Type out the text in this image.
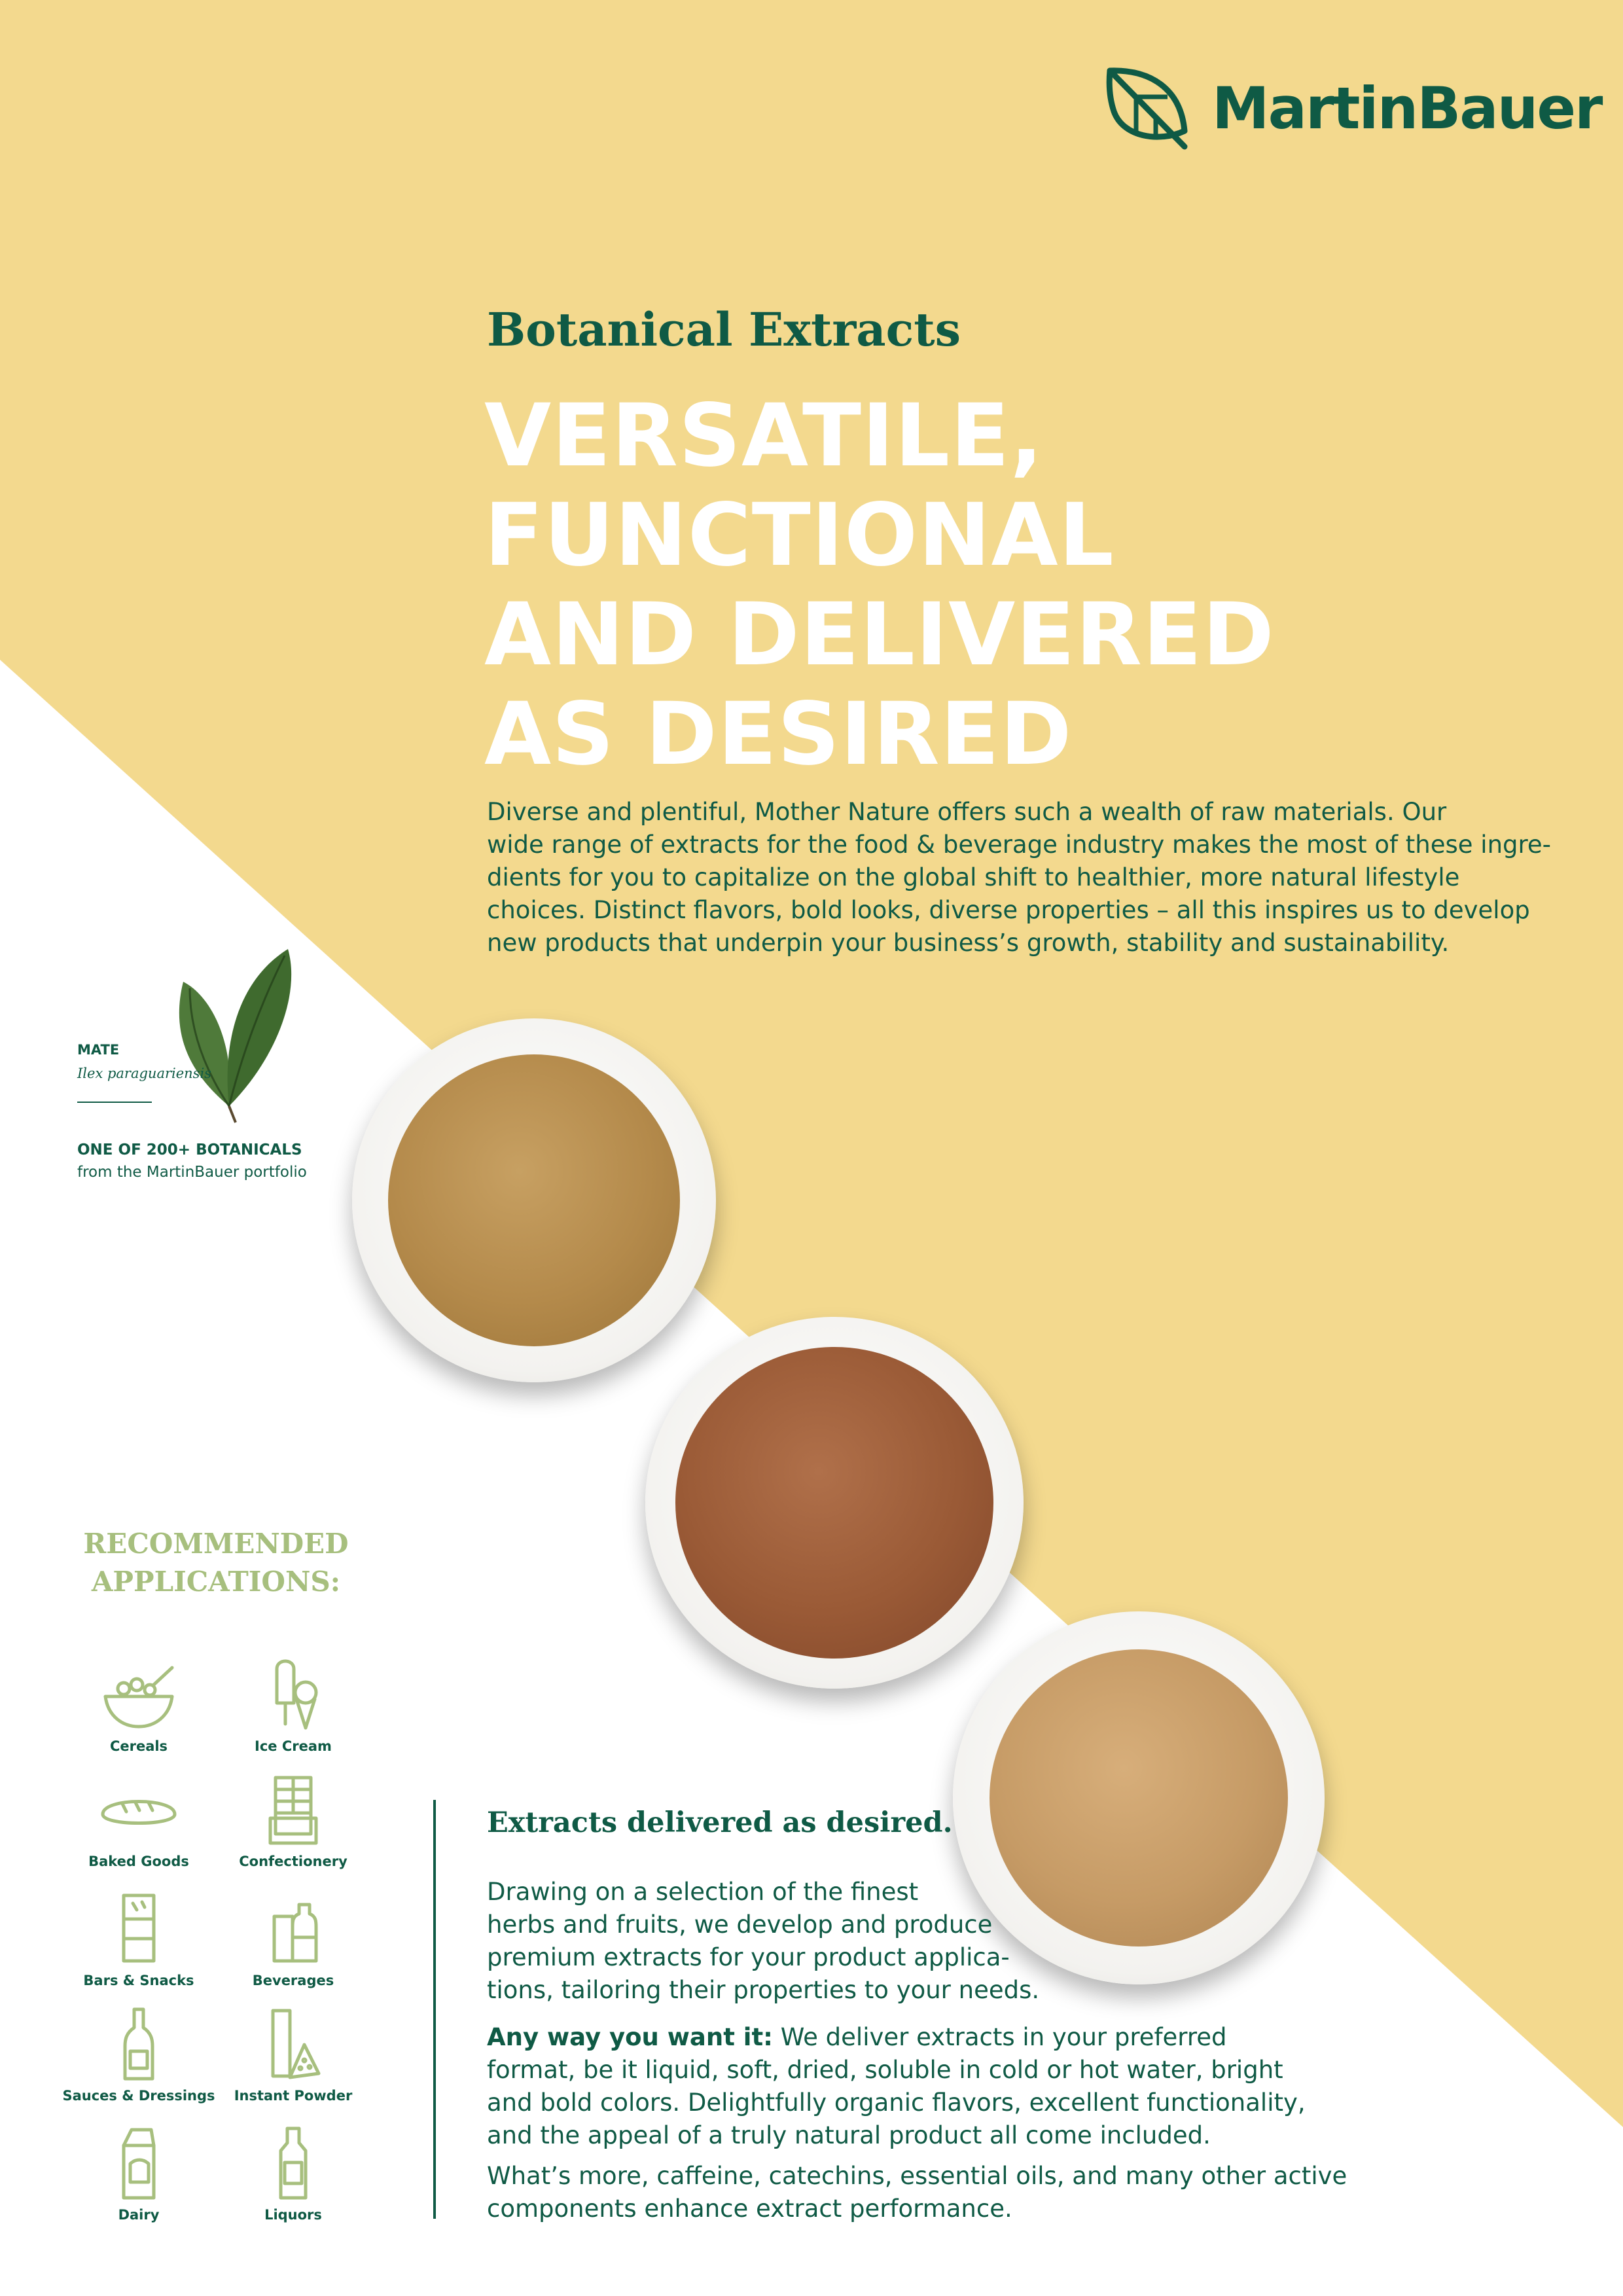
MartinBauer
Botanical Extracts
VERSATILE,
FUNCTIONAL
AND DELIVERED
AS DESIRED
Diverse and plentiful, Mother Nature offers such a wealth of raw materials. Our
wide range of extracts for the food & beverage industry makes the most of these ingre-
dients for you to capitalize on the global shift to healthier, more natural lifestyle
choices. Distinct flavors, bold looks, diverse properties – all this inspires us to develop
new products that underpin your business’s growth, stability and sustainability.
MATE
Ilex paraguariensis
ONE OF 200+ BOTANICALS
from the MartinBauer portfolio
RECOMMENDED
APPLICATIONS:
Cereals	Ice Cream
Baked Goods	Confectionery
Bars & Snacks	Beverages
Sauces & Dressings	Instant Powder
Dairy	Liquors
Extracts delivered as desired.
Drawing on a selection of the finest
herbs and fruits, we develop and produce
premium extracts for your product applica-
tions, tailoring their properties to your needs.
Any way you want it: We deliver extracts in your preferred
format, be it liquid, soft, dried, soluble in cold or hot water, bright
and bold colors. Delightfully organic flavors, excellent functionality,
and the appeal of a truly natural product all come included.
What’s more, caffeine, catechins, essential oils, and many other active
components enhance extract performance.
